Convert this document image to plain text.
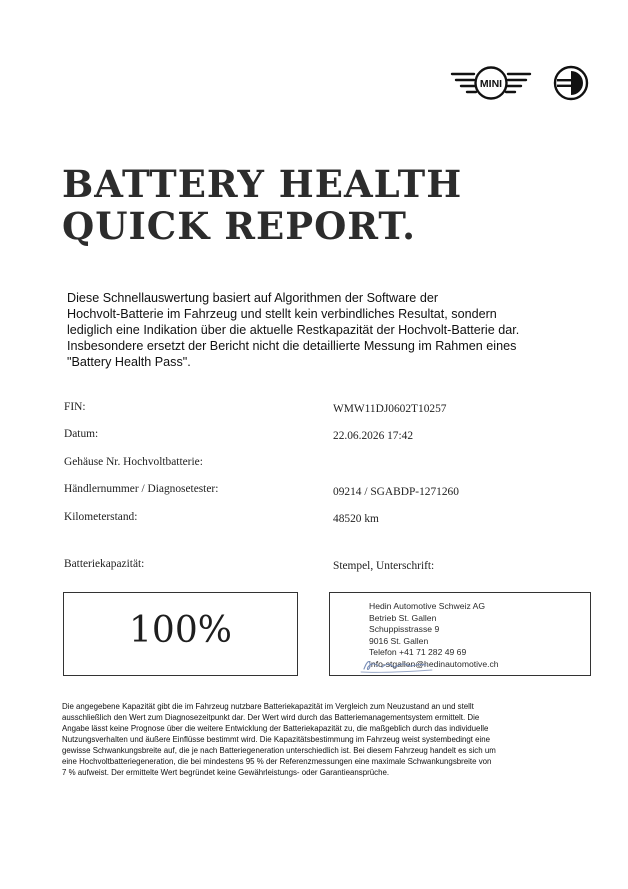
MINI
BATTERY HEALTH
QUICK REPORT.
Diese Schnellauswertung basiert auf Algorithmen der Software der
Hochvolt-Batterie im Fahrzeug und stellt kein verbindliches Resultat, sondern
lediglich eine Indikation über die aktuelle Restkapazität der Hochvolt-Batterie dar.
Insbesondere ersetzt der Bericht nicht die detaillierte Messung im Rahmen eines
"Battery Health Pass".
FIN:	WMW11DJ0602T10257
Datum:	22.06.2026 17:42
Gehäuse Nr. Hochvoltbatterie:
Händlernummer / Diagnosetester:	09214 / SGABDP-1271260
Kilometerstand:	48520 km
Batteriekapazität:	Stempel, Unterschrift:
100%
Hedin Automotive Schweiz AG
Betrieb St. Gallen
Schuppisstrasse 9
9016 St. Gallen
Telefon +41 71 282 49 69
info-stgallen@hedinautomotive.ch
Die angegebene Kapazität gibt die im Fahrzeug nutzbare Batteriekapazität im Vergleich zum Neuzustand an und stellt
ausschließlich den Wert zum Diagnosezeitpunkt dar. Der Wert wird durch das Batteriemanagementsystem ermittelt. Die
Angabe lässt keine Prognose über die weitere Entwicklung der Batteriekapazität zu, die maßgeblich durch das individuelle
Nutzungsverhalten und äußere Einflüsse bestimmt wird. Die Kapazitätsbestimmung im Fahrzeug weist systembedingt eine
gewisse Schwankungsbreite auf, die je nach Batteriegeneration unterschiedlich ist. Bei diesem Fahrzeug handelt es sich um
eine Hochvoltbatteriegeneration, die bei mindestens 95 % der Referenzmessungen eine maximale Schwankungsbreite von
7 % aufweist. Der ermittelte Wert begründet keine Gewährleistungs- oder Garantieansprüche.
